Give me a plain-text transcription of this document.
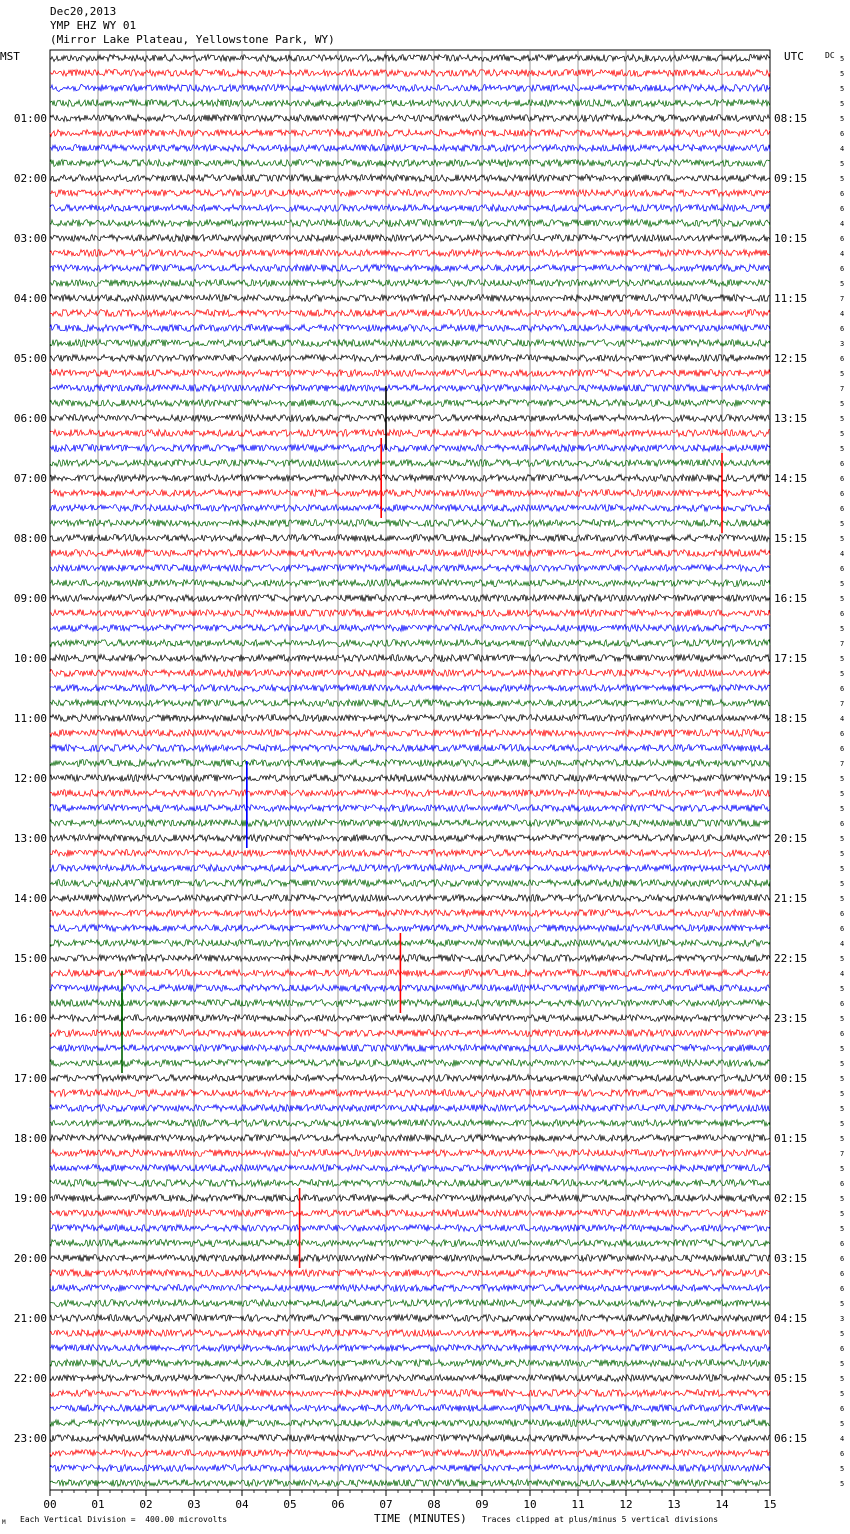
01:00
02:00
03:00
04:00
05:00
06:00
07:00
08:00
09:00
10:00
11:00
12:00
13:00
14:00
15:00
16:00
17:00
18:00
19:00
20:00
21:00
22:00
23:00
08:15
09:15
10:15
11:15
12:15
13:15
14:15
15:15
16:15
17:15
18:15
19:15
20:15
21:15
22:15
23:15
00:15
01:15
02:15
03:15
04:15
05:15
06:15
5
5
5
5
5
6
4
5
5
6
6
4
6
4
6
5
7
4
6
3
6
5
7
5
5
5
5
6
6
6
6
5
5
4
6
5
5
6
5
7
5
5
6
7
4
6
6
7
5
5
5
6
5
5
5
5
5
6
6
4
5
4
5
6
5
6
5
5
5
5
5
5
5
7
5
6
5
5
5
6
6
6
6
5
3
5
6
5
5
5
6
5
4
6
5
5
00	01	02	03	04	05	06	07	08	09	10	11	12	13	14	15
Dec20,2013
YMP EHZ WY 01
(Mirror Lake Plateau, Yellowstone Park, WY)
MST	UTC	DC
M Each Vertical Division =  400.00 microvolts	TIME (MINUTES) Traces clipped at plus/minus 5 vertical divisions
